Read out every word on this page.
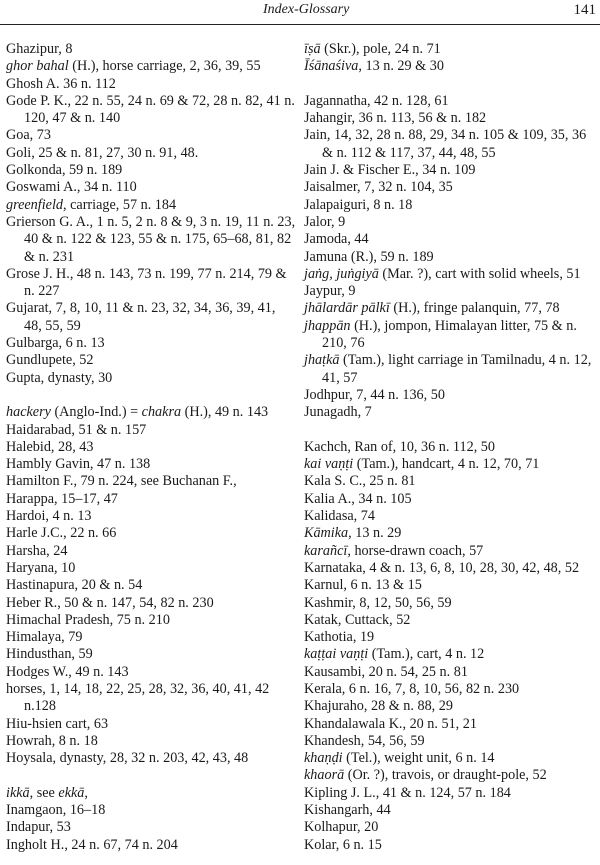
Index-Glossary	141
Ghazipur, 8
ghor bahal (H.), horse carriage, 2, 36, 39, 55
Ghosh A. 36 n. 112
Gode P. K., 22 n. 55, 24 n. 69 & 72, 28 n. 82, 41 n. 120, 47 & n. 140
Goa, 73
Goli, 25 & n. 81, 27, 30 n. 91, 48.
Golkonda, 59 n. 189
Goswami A., 34 n. 110
greenfield, carriage, 57 n. 184
Grierson G. A., 1 n. 5, 2 n. 8 & 9, 3 n. 19, 11 n. 23, 40 & n. 122 & 123, 55 & n. 175, 65–68, 81, 82 & n. 231
Grose J. H., 48 n. 143, 73 n. 199, 77 n. 214, 79 & n. 227
Gujarat, 7, 8, 10, 11 & n. 23, 32, 34, 36, 39, 41, 48, 55, 59
Gulbarga, 6 n. 13
Gundlupete, 52
Gupta, dynasty, 30
hackery (Anglo-Ind.) = chakra (H.), 49 n. 143
Haidarabad, 51 & n. 157
Halebid, 28, 43
Hambly Gavin, 47 n. 138
Hamilton F., 79 n. 224, see Buchanan F.,
Harappa, 15–17, 47
Hardoi, 4 n. 13
Harle J.C., 22 n. 66
Harsha, 24
Haryana, 10
Hastinapura, 20 & n. 54
Heber R., 50 & n. 147, 54, 82 n. 230
Himachal Pradesh, 75 n. 210
Himalaya, 79
Hindusthan, 59
Hodges W., 49 n. 143
horses, 1, 14, 18, 22, 25, 28, 32, 36, 40, 41, 42 n.128
Hiu-hsien cart, 63
Howrah, 8 n. 18
Hoysala, dynasty, 28, 32 n. 203, 42, 43, 48
ikkā, see ekkā,
Inamgaon, 16–18
Indapur, 53
Ingholt H., 24 n. 67, 74 n. 204
īṣā (Skr.), pole, 24 n. 71
Īśānaśiva, 13 n. 29 & 30
Jagannatha, 42 n. 128, 61
Jahangir, 36 n. 113, 56 & n. 182
Jain, 14, 32, 28 n. 88, 29, 34 n. 105 & 109, 35, 36 & n. 112 & 117, 37, 44, 48, 55
Jain J. & Fischer E., 34 n. 109
Jaisalmer, 7, 32 n. 104, 35
Jalapaiguri, 8 n. 18
Jalor, 9
Jamoda, 44
Jamuna (R.), 59 n. 189
jaṅg, juṅgiyā (Mar. ?), cart with solid wheels, 51
Jaypur, 9
jhālardār pālkī (H.), fringe palanquin, 77, 78
jhappān (H.), jompon, Himalayan litter, 75 & n. 210, 76
jhaṭkā (Tam.), light carriage in Tamilnadu, 4 n. 12, 41, 57
Jodhpur, 7, 44 n. 136, 50
Junagadh, 7
Kachch, Ran of, 10, 36 n. 112, 50
kai vaṇṭi (Tam.), handcart, 4 n. 12, 70, 71
Kala S. C., 25 n. 81
Kalia A., 34 n. 105
Kalidasa, 74
Kāmika, 13 n. 29
karañcī, horse-drawn coach, 57
Karnataka, 4 & n. 13, 6, 8, 10, 28, 30, 42, 48, 52
Karnul, 6 n. 13 & 15
Kashmir, 8, 12, 50, 56, 59
Katak, Cuttack, 52
Kathotia, 19
kaṭṭai vaṇṭi (Tam.), cart, 4 n. 12
Kausambi, 20 n. 54, 25 n. 81
Kerala, 6 n. 16, 7, 8, 10, 56, 82 n. 230
Khajuraho, 28 & n. 88, 29
Khandalawala K., 20 n. 51, 21
Khandesh, 54, 56, 59
khaṇḍi (Tel.), weight unit, 6 n. 14
khaorā (Or. ?), travois, or draught-pole, 52
Kipling J. L., 41 & n. 124, 57 n. 184
Kishangarh, 44
Kolhapur, 20
Kolar, 6 n. 15
